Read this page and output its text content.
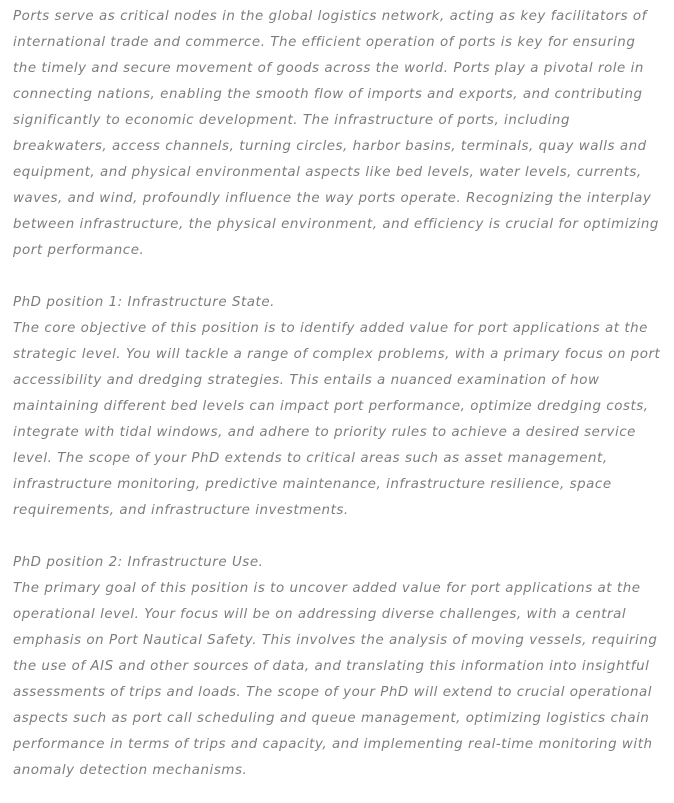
Ports serve as critical nodes in the global logistics network, acting as key facilitators of international trade and commerce. The efficient operation of ports is key for ensuring the timely and secure movement of goods across the world. Ports play a pivotal role in connecting nations, enabling the smooth flow of imports and exports, and contributing significantly to economic development. The infrastructure of ports, including breakwaters, access channels, turning circles, harbor basins, terminals, quay walls and equipment, and physical environmental aspects like bed levels, water levels, currents, waves, and wind, profoundly influence the way ports operate. Recognizing the interplay between infrastructure, the physical environment, and efficiency is crucial for optimizing port performance.

PhD position 1: Infrastructure State.

The core objective of this position is to identify added value for port applications at the strategic level. You will tackle a range of complex problems, with a primary focus on port accessibility and dredging strategies. This entails a nuanced examination of how maintaining different bed levels can impact port performance, optimize dredging costs, integrate with tidal windows, and adhere to priority rules to achieve a desired service level. The scope of your PhD extends to critical areas such as asset management, infrastructure monitoring, predictive maintenance, infrastructure resilience, space requirements, and infrastructure investments.

PhD position 2: Infrastructure Use.

The primary goal of this position is to uncover added value for port applications at the operational level. Your focus will be on addressing diverse challenges, with a central emphasis on Port Nautical Safety. This involves the analysis of moving vessels, requiring the use of AIS and other sources of data, and translating this information into insightful assessments of trips and loads. The scope of your PhD will extend to crucial operational aspects such as port call scheduling and queue management, optimizing logistics chain performance in terms of trips and capacity, and implementing real-time monitoring with anomaly detection mechanisms.
